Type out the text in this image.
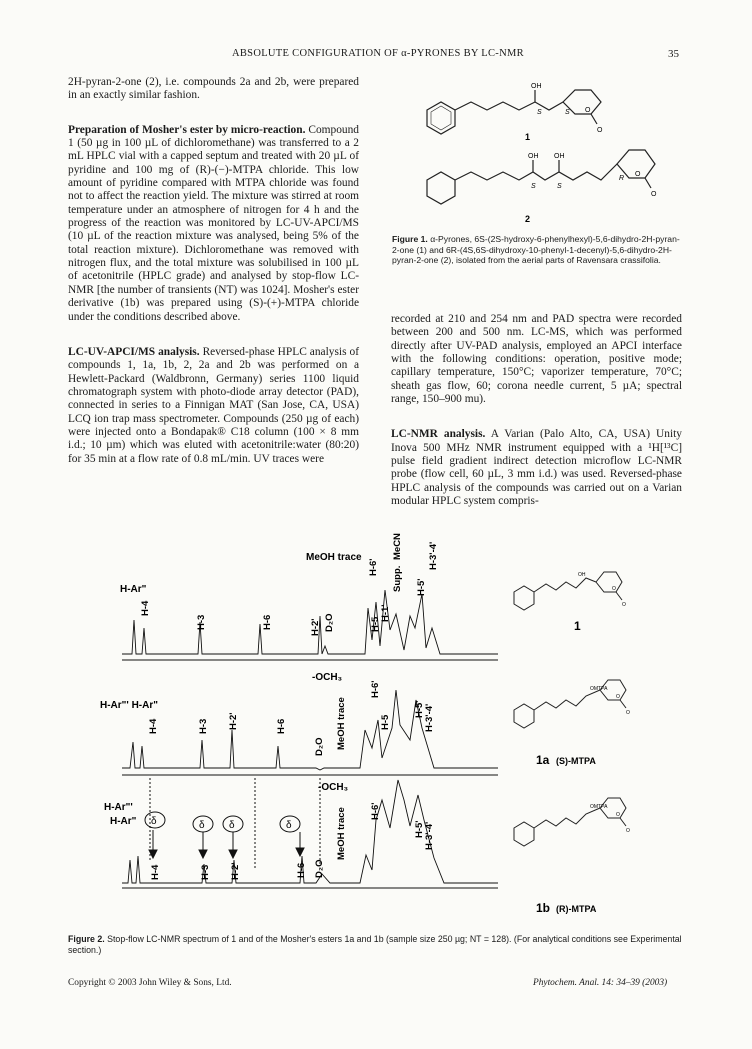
ABSOLUTE CONFIGURATION OF α-PYRONES BY LC-NMR	35

2H-pyran-2-one (2), i.e. compounds 2a and 2b, were prepared in an exactly similar fashion.

Preparation of Mosher's ester by micro-reaction. Compound 1 (50 µg in 100 µL of dichloromethane) was transferred to a 2 mL HPLC vial with a capped septum and treated with 20 µL of pyridine and 100 mg of (R)-(−)-MTPA chloride. This low amount of pyridine compared with MTPA chloride was found not to affect the reaction yield. The mixture was stirred at room temperature under an atmosphere of nitrogen for 4 h and the progress of the reaction was monitored by LC-UV-APCI/MS (10 µL of the reaction mixture was analysed, being 5% of the total reaction mixture). Dichloromethane was removed with nitrogen flux, and the total mixture was solubilised in 100 µL of acetonitrile (HPLC grade) and analysed by stop-flow LC-NMR [the number of transients (NT) was 1024]. Mosher's ester derivative (1b) was prepared using (S)-(+)-MTPA chloride under the conditions described above.

LC-UV-APCI/MS analysis. Reversed-phase HPLC analysis of compounds 1, 1a, 1b, 2, 2a and 2b was performed on a Hewlett-Packard (Waldbronn, Germany) series 1100 liquid chromatograph system with photo-diode array detector (PAD), connected in series to a Finnigan MAT (San Jose, CA, USA) LCQ ion trap mass spectrometer. Compounds (250 µg of each) were injected onto a Bondapak® C18 column (100 × 8 mm i.d.; 10 µm) which was eluted with acetonitrile:water (80:20) for 35 min at a flow rate of 0.8 mL/min. UV traces were

OH
S	S O
O
1
OH OH
S	S
R
O
O
2
Figure 1. α-Pyrones, 6S-(2S-hydroxy-6-phenylhexyl)-5,6-dihydro-2H-pyran-2-one (1) and 6R-(4S,6S-dihydroxy-10-phenyl-1-decenyl)-5,6-dihydro-2H-pyran-2-one (2), isolated from the aerial parts of Ravensara crassifolia.

recorded at 210 and 254 nm and PAD spectra were recorded between 200 and 500 nm. LC-MS, which was performed directly after UV-PAD analysis, employed an APCI interface with the following conditions: operation, positive mode; capillary temperature, 150°C; vaporizer temperature, 70°C; sheath gas flow, 60; corona needle current, 5 µA; spectral range, 150–900 mu).

LC-NMR analysis. A Varian (Palo Alto, CA, USA) Unity Inova 500 MHz NMR instrument equipped with a ¹H[¹³C] pulse field gradient indirect detection microflow LC-NMR probe (flow cell, 60 µL, 3 mm i.d.) was used. Reversed-phase HPLC analysis of the compounds was carried out on a Varian modular HPLC system compris-

δ	δ δ	δ
MeOH trace
H-6'
D₂O
MeCN
Supp.
H-1'
H-5
H-5'
H-3'-4'
H-Ar"
H-4
H-3	H-6	H-2'
-OCH₃
H-Ar"' H-Ar"
H-4	H-3 H-2'	H-6
D₂O MeOH trace
H-6'
H-5
H-5' H-3'-4'
-OCH₃
H-Ar"'
H-Ar"
H-4	H-3 H-2'	H-6 D₂O
MeOH trace H-6'
H-5' H-3'-4'
OH
O
O
1
OMTPA
O
O
1a (S)-MTPA
OMTPA
O
O
1b (R)-MTPA
Figure 2. Stop-flow LC-NMR spectrum of 1 and of the Mosher's esters 1a and 1b (sample size 250 µg; NT = 128). (For analytical conditions see Experimental section.)
Copyright © 2003 John Wiley & Sons, Ltd.	Phytochem. Anal. 14: 34–39 (2003)
